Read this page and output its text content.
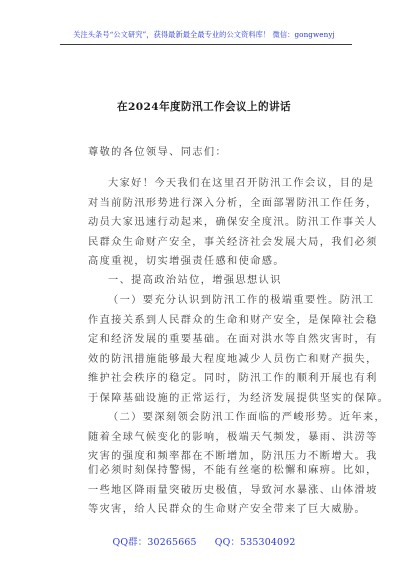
关注头条号“公文研究”，获得最新最全最专业的公文资料库！ 微信：gongwenyj
在2024年度防汛工作会议上的讲话
尊敬的各位领导、同志们：
大家好！今天我们在这里召开防汛工作会议，目的是
对当前防汛形势进行深入分析，全面部署防汛工作任务，
动员大家迅速行动起来，确保安全度汛。防汛工作事关人
民群众生命财产安全，事关经济社会发展大局，我们必须
高度重视，切实增强责任感和使命感。
一、提高政治站位，增强思想认识
（一）要充分认识到防汛工作的极端重要性。防汛工
作直接关系到人民群众的生命和财产安全，是保障社会稳
定和经济发展的重要基础。在面对洪水等自然灾害时，有
效的防汛措施能够最大程度地减少人员伤亡和财产损失，
维护社会秩序的稳定。同时，防汛工作的顺利开展也有利
于保障基础设施的正常运行，为经济发展提供坚实的保障。
（二）要深刻领会防汛工作面临的严峻形势。近年来，
随着全球气候变化的影响，极端天气频发，暴雨、洪涝等
灾害的强度和频率都在不断增加，防汛压力不断增大。我
们必须时刻保持警惕，不能有丝毫的松懈和麻痹。比如，
一些地区降雨量突破历史极值，导致河水暴涨、山体滑坡
等灾害，给人民群众的生命财产安全带来了巨大威胁。
QQ群：30265665 QQ：535304092
